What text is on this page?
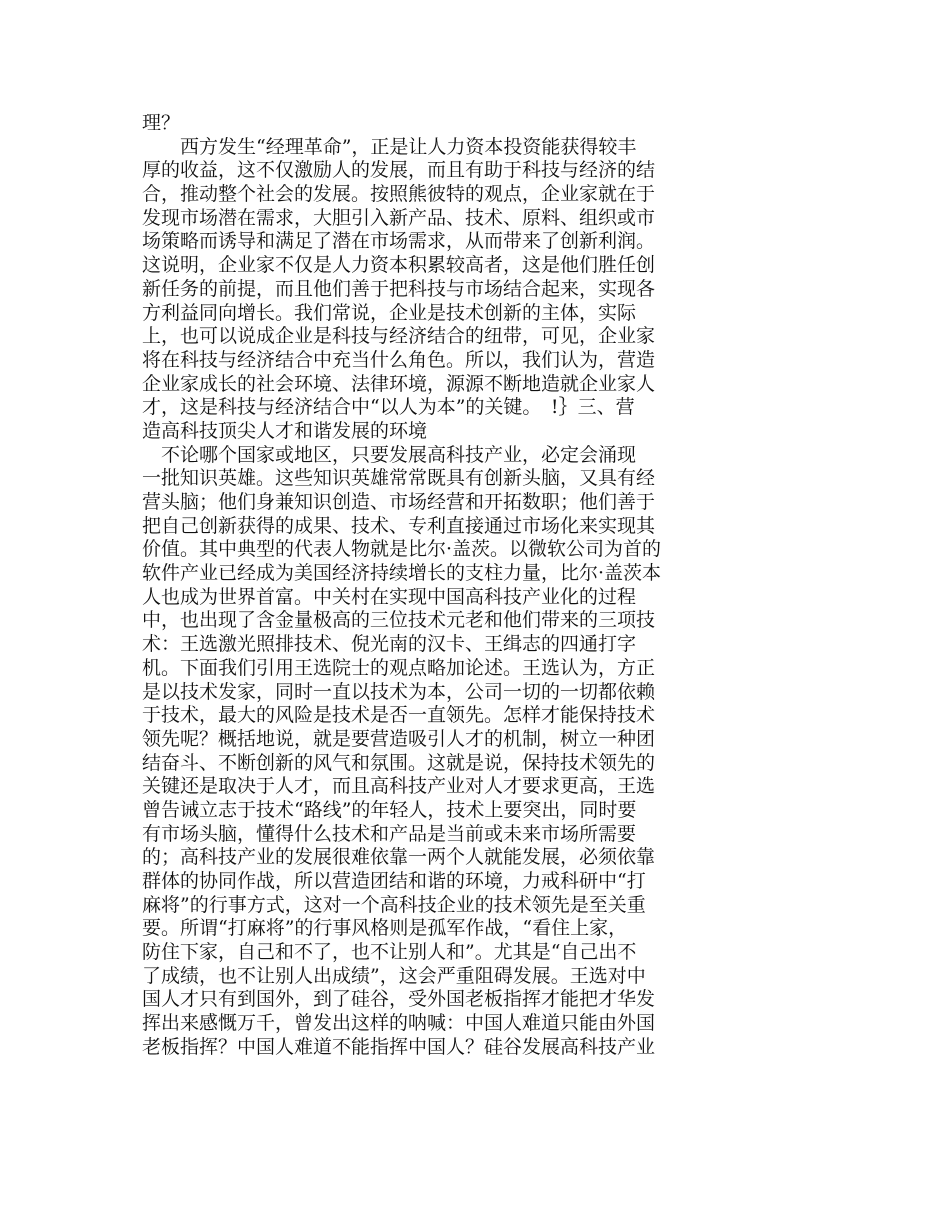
理？
　　西方发生“经理革命”，正是让人力资本投资能获得较丰
厚的收益，这不仅激励人的发展，而且有助于科技与经济的结
合，推动整个社会的发展。按照熊彼特的观点，企业家就在于
发现市场潜在需求，大胆引入新产品、技术、原料、组织或市
场策略而诱导和满足了潜在市场需求，从而带来了创新利润。
这说明，企业家不仅是人力资本积累较高者，这是他们胜任创
新任务的前提，而且他们善于把科技与市场结合起来，实现各
方利益同向增长。我们常说，企业是技术创新的主体，实际
上，也可以说成企业是科技与经济结合的纽带，可见，企业家
将在科技与经济结合中充当什么角色。所以，我们认为，营造
企业家成长的社会环境、法律环境，源源不断地造就企业家人
才，这是科技与经济结合中“以人为本”的关键。　!｝三、营
造高科技顶尖人才和谐发展的环境
　不论哪个国家或地区，只要发展高科技产业，必定会涌现
一批知识英雄。这些知识英雄常常既具有创新头脑，又具有经
营头脑；他们身兼知识创造、市场经营和开拓数职；他们善于
把自己创新获得的成果、技术、专利直接通过市场化来实现其
价值。其中典型的代表人物就是比尔·盖茨。以微软公司为首的
软件产业已经成为美国经济持续增长的支柱力量，比尔·盖茨本
人也成为世界首富。中关村在实现中国高科技产业化的过程
中，也出现了含金量极高的三位技术元老和他们带来的三项技
术：王选激光照排技术、倪光南的汉卡、王缉志的四通打字
机。下面我们引用王选院士的观点略加论述。王选认为，方正
是以技术发家，同时一直以技术为本，公司一切的一切都依赖
于技术，最大的风险是技术是否一直领先。怎样才能保持技术
领先呢？概括地说，就是要营造吸引人才的机制，树立一种团
结奋斗、不断创新的风气和氛围。这就是说，保持技术领先的
关键还是取决于人才，而且高科技产业对人才要求更高，王选
曾告诫立志于技术“路线”的年轻人，技术上要突出，同时要
有市场头脑，懂得什么技术和产品是当前或未来市场所需要
的；高科技产业的发展很难依靠一两个人就能发展，必须依靠
群体的协同作战，所以营造团结和谐的环境，力戒科研中“打
麻将”的行事方式，这对一个高科技企业的技术领先是至关重
要。所谓“打麻将”的行事风格则是孤军作战，“看住上家，
防住下家，自己和不了，也不让别人和”。尤其是“自己出不
了成绩，也不让别人出成绩”，这会严重阻碍发展。王选对中
国人才只有到国外，到了硅谷，受外国老板指挥才能把才华发
挥出来感慨万千，曾发出这样的呐喊：中国人难道只能由外国
老板指挥？中国人难道不能指挥中国人？硅谷发展高科技产业
